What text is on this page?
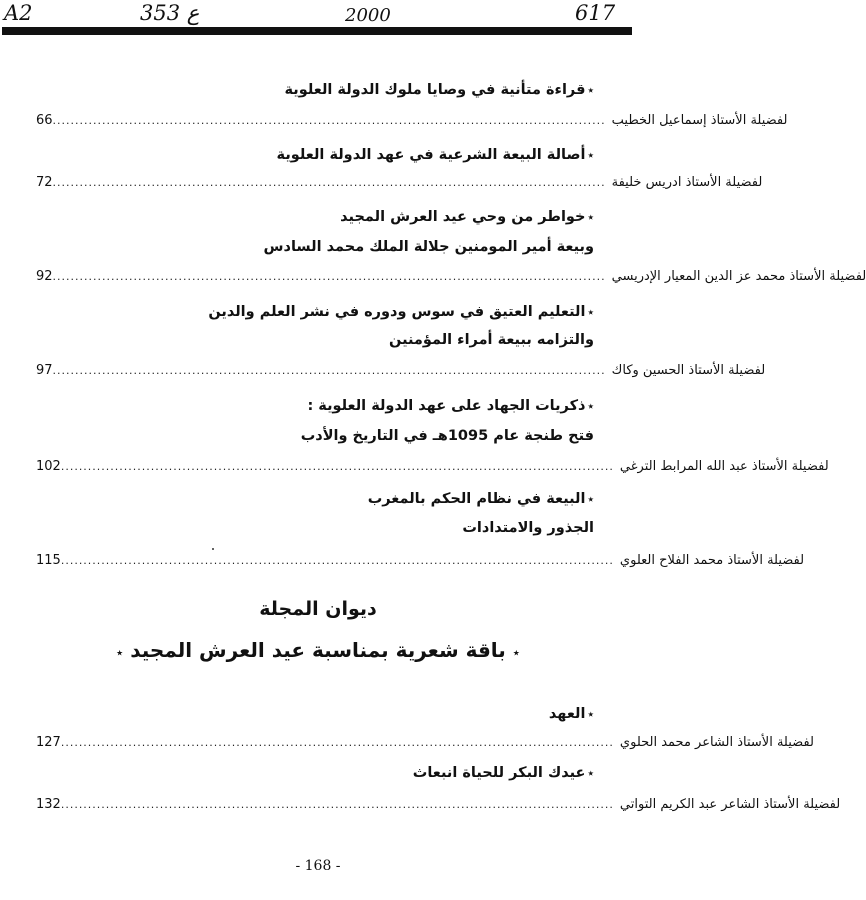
A2	353 ع	2000	617
٭قراءة متأنية في وصايا ملوك الدولة العلوية
66 ........................................................................................................................... لفضيلة الأستاذ إسماعيل الخطيب
٭أصالة البيعة الشرعية في عهد الدولة العلوية
72 ........................................................................................................................... لفضيلة الأستاذ ادريس خليفة
٭خواطر من وحي عيد العرش المجيد
وبيعة أمير المومنين جلالة الملك محمد السادس
92 ........................................................................................................................... لفضيلة الأستاذ محمد عز الدين المعيار الإدريسي
٭التعليم العتيق في سوس ودوره في نشر العلم والدين
والتزامه ببيعة أمراء المؤمنين
97 ........................................................................................................................... لفضيلة الأستاذ الحسين وكاك
٭ذكريات الجهاد على عهد الدولة العلوية :
فتح طنجة عام 1095هـ في التاريخ والأدب
102 ........................................................................................................................... لفضيلة الأستاذ عبد الله المرابط الترغي
٭البيعة في نظام الحكم بالمغرب
الجذور والامتدادات
115 ........................................................................................................................... لفضيلة الأستاذ محمد الفلاح العلوي
ديوان المجلة
٭ باقة شعرية بمناسبة عيد العرش المجيد ٭
٭العهد
127 ........................................................................................................................... لفضيلة الأستاذ الشاعر محمد الحلوي
٭عيدك البكر للحياة انبعاث
132 ........................................................................................................................... لفضيلة الأستاذ الشاعر عبد الكريم التواتي
- 168 -
